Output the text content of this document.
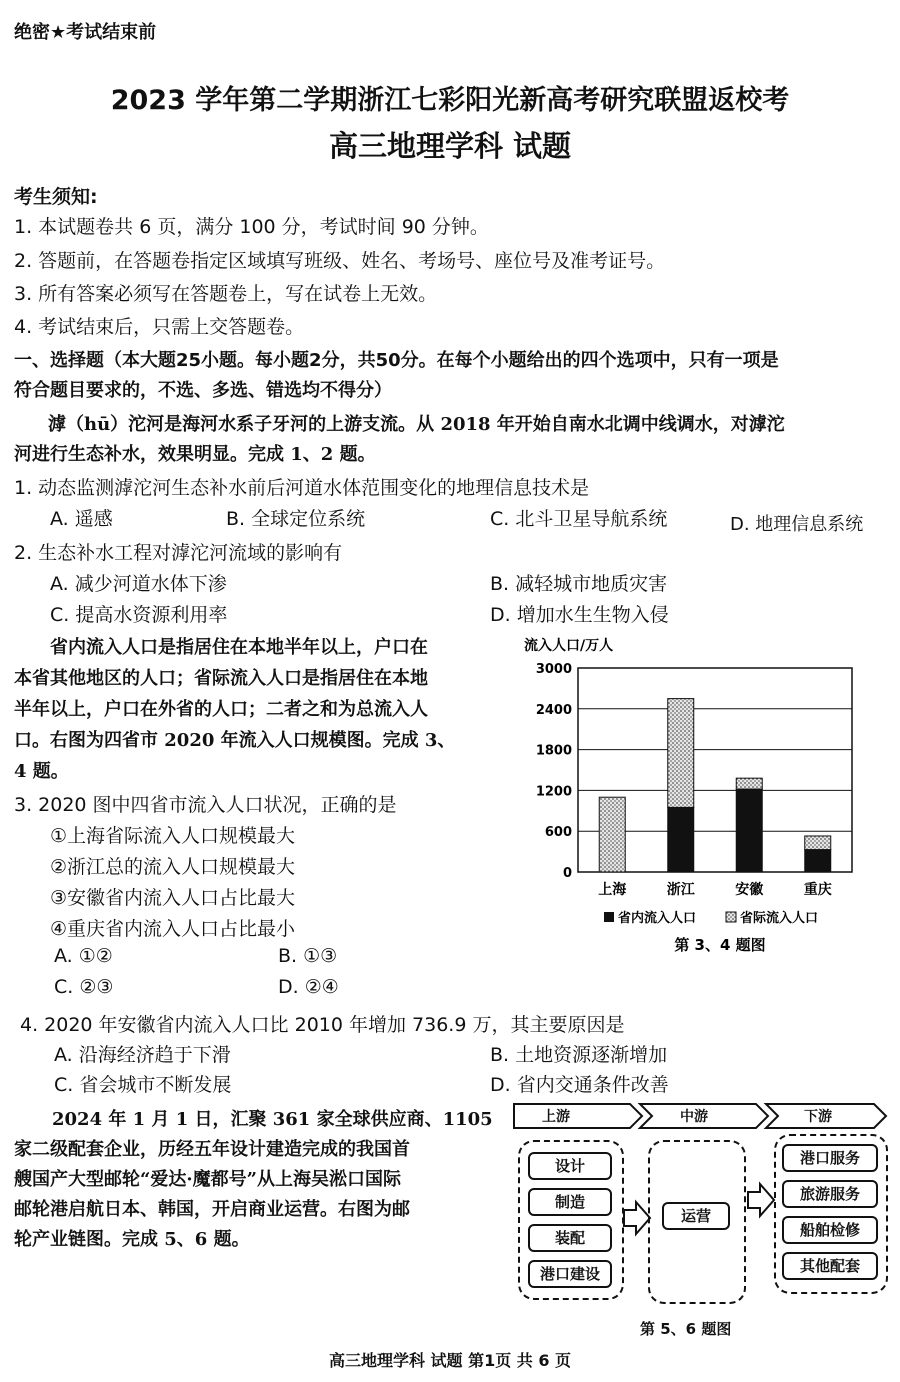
绝密★考试结束前
2023 学年第二学期浙江七彩阳光新高考研究联盟返校考
高三地理学科 试题
考生须知:
1. 本试题卷共 6 页，满分 100 分，考试时间 90 分钟。
2. 答题前，在答题卷指定区域填写班级、姓名、考场号、座位号及准考证号。
3. 所有答案必须写在答题卷上，写在试卷上无效。
4. 考试结束后，只需上交答题卷。
一、选择题（本大题25小题。每小题2分，共50分。在每个小题给出的四个选项中，只有一项是
符合题目要求的，不选、多选、错选均不得分）
滹（hū）沱河是海河水系子牙河的上游支流。从 2018 年开始自南水北调中线调水，对滹沱
河进行生态补水，效果明显。完成 1、2 题。
1. 动态监测滹沱河生态补水前后河道水体范围变化的地理信息技术是
A. 遥感	B. 全球定位系统	C. 北斗卫星导航系统	D. 地理信息系统
2. 生态补水工程对滹沱河流域的影响有
A. 减少河道水体下渗	B. 减轻城市地质灾害
C. 提高水资源利用率	D. 增加水生生物入侵
省内流入人口是指居住在本地半年以上，户口在
本省其他地区的人口；省际流入人口是指居住在本地
半年以上，户口在外省的人口；二者之和为总流入人
口。右图为四省市 2020 年流入人口规模图。完成 3、
4 题。
3. 2020 图中四省市流入人口状况，正确的是
①上海省际流入人口规模最大
②浙江总的流入人口规模最大
③安徽省内流入人口占比最大
④重庆省内流入人口占比最小
A. ①②	B. ①③
C. ②③	D. ②④
4. 2020 年安徽省内流入人口比 2010 年增加 736.9 万，其主要原因是
A. 沿海经济趋于下滑	B. 土地资源逐渐增加
C. 省会城市不断发展	D. 省内交通条件改善
2024 年 1 月 1 日，汇聚 361 家全球供应商、1105
家二级配套企业，历经五年设计建造完成的我国首
艘国产大型邮轮“爱达·魔都号”从上海吴淞口国际
邮轮港启航日本、韩国，开启商业运营。右图为邮
轮产业链图。完成 5、6 题。
流入人口/万人
0
600
1200
1800
2400
3000
上海	浙江	安徽	重庆
省内流入人口	省际流入人口
第 3、4 题图
上游	中游	下游
设计
制造
装配
港口建设
运营
港口服务
旅游服务
船舶检修
其他配套
第 5、6 题图
高三地理学科 试题 第1页 共 6 页
